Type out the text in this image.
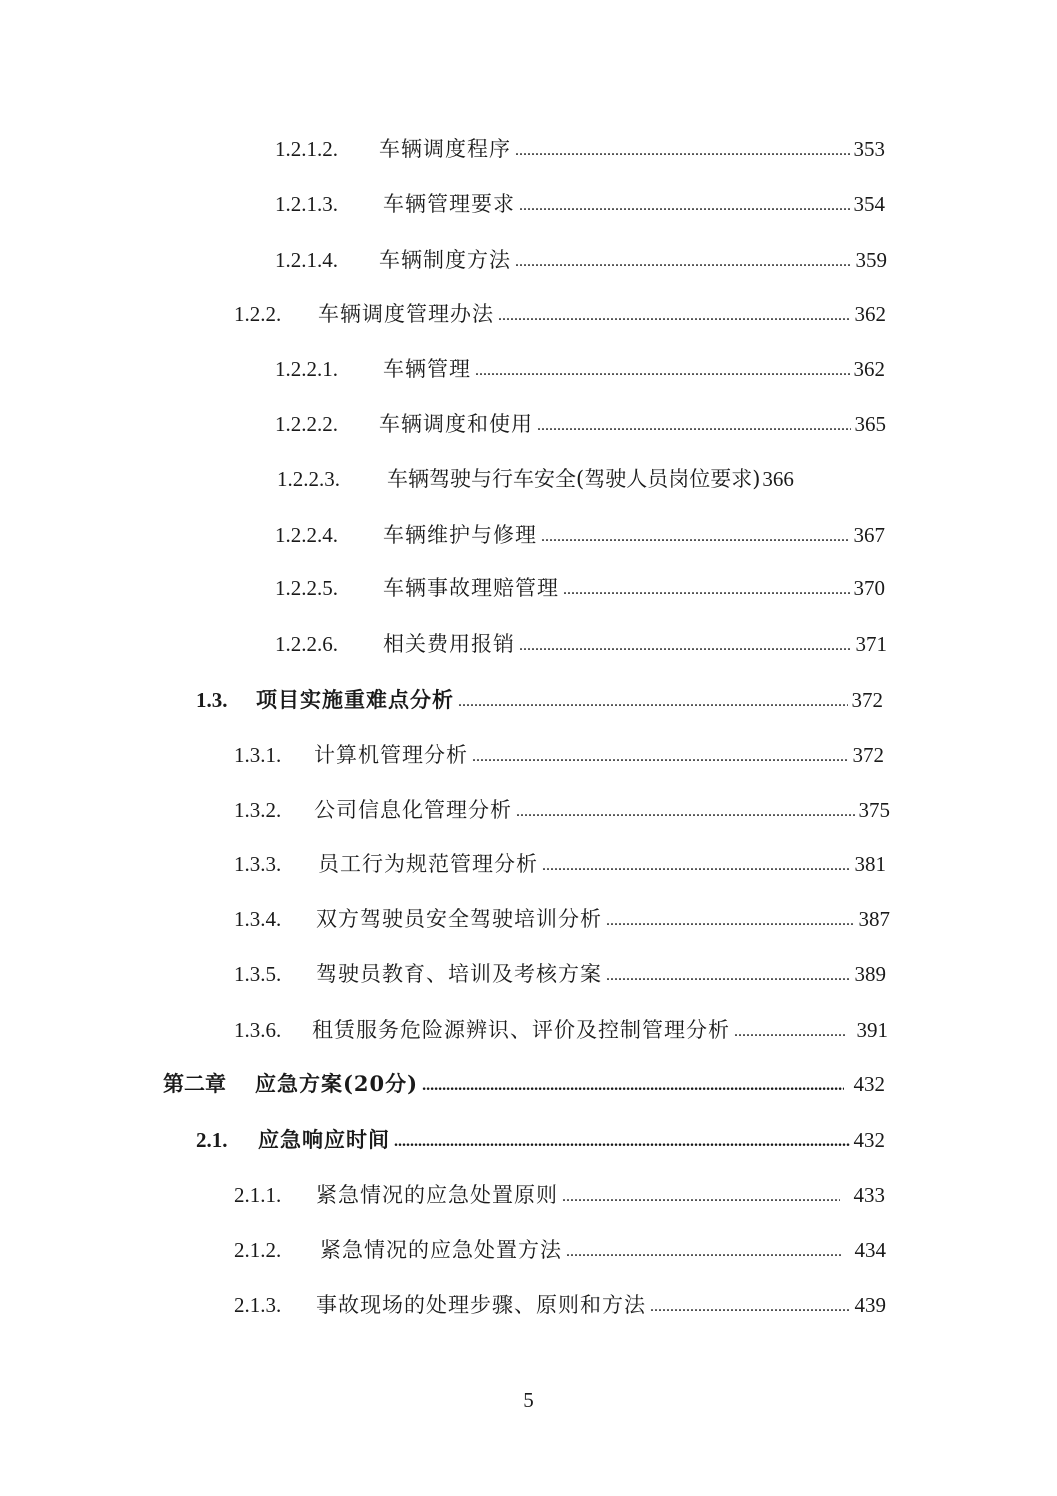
1.2.1.2.	车辆调度程序 .....	353
1.2.1.3.	车辆管理要求 .....	354
1.2.1.4.	车辆制度方法 .....	359
1.2.2.	车辆调度管理办法 .....	362
1.2.2.1.	车辆管理 .....	362
1.2.2.2.	车辆调度和使用 .....	365
1.2.2.3.	车辆驾驶与行车安全(驾驶人员岗位要求) 366
1.2.2.4.	车辆维护与修理 .....	367
1.2.2.5.	车辆事故理赔管理 .....	370
1.2.2.6.	相关费用报销 .....	371
1.3.	项目实施重难点分析 .....	372
1.3.1.	计算机管理分析 .....	372
1.3.2.	公司信息化管理分析 .....	375
1.3.3.	员工行为规范管理分析 .....	381
1.3.4.	双方驾驶员安全驾驶培训分析 .....	387
1.3.5.	驾驶员教育、培训及考核方案 .....	389
1.3.6.	租赁服务危险源辨识、评价及控制管理分析 .....	391
第二章	应急方案(20分) .....	432
2.1.	应急响应时间 .....	432
2.1.1.	紧急情况的应急处置原则 .....	433
2.1.2.	紧急情况的应急处置方法 .....	434
2.1.3.	事故现场的处理步骤、原则和方法 .....	439
5
